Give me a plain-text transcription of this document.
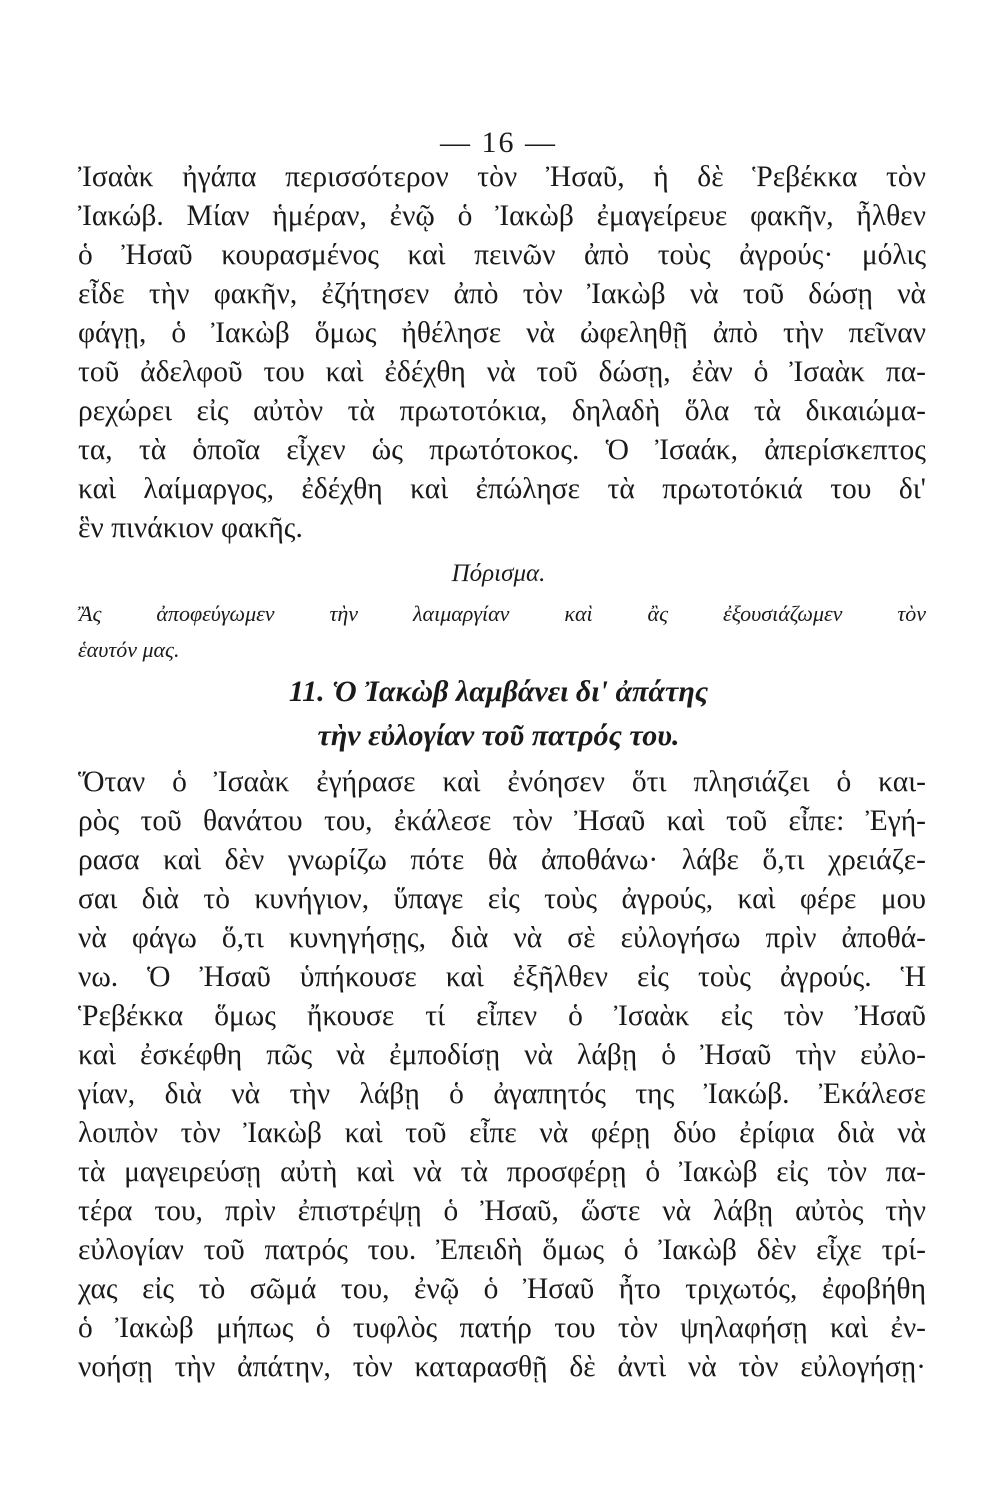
— 16 —
Ἰσαὰκ ἠγάπα περισσότερον τὸν Ἠσαῦ, ἡ δὲ Ῥεβέκκα τὸν
Ἰακώβ. Μίαν ἡμέραν, ἐνῷ ὁ Ἰακὼβ ἐμαγείρευε φακῆν, ἦλθεν
ὁ Ἠσαῦ κουρασμένος καὶ πεινῶν ἀπὸ τοὺς ἀγρούς· μόλις
εἶδε τὴν φακῆν, ἐζήτησεν ἀπὸ τὸν Ἰακὼβ νὰ τοῦ δώσῃ νὰ
φάγῃ, ὁ Ἰακὼβ ὅμως ἠθέλησε νὰ ὠφεληθῇ ἀπὸ τὴν πεῖναν
τοῦ ἀδελφοῦ του καὶ ἐδέχθη νὰ τοῦ δώσῃ, ἐὰν ὁ Ἰσαὰκ πα-
ρεχώρει εἰς αὐτὸν τὰ πρωτοτόκια, δηλαδὴ ὅλα τὰ δικαιώμα-
τα, τὰ ὁποῖα εἶχεν ὡς πρωτότοκος. Ὁ Ἰσαάκ, ἀπερίσκεπτος
καὶ λαίμαργος, ἐδέχθη καὶ ἐπώλησε τὰ πρωτοτόκιά του δι'
ἓν πινάκιον φακῆς.
Πόρισμα.
Ἂς ἀποφεύγωμεν τὴν λαιμαργίαν καὶ ἂς ἐξουσιάζωμεν τὸν
ἑαυτόν μας.
11. Ὁ Ἰακὼβ λαμβάνει δι' ἀπάτης
τὴν εὐλογίαν τοῦ πατρός του.
Ὅταν ὁ Ἰσαὰκ ἐγήρασε καὶ ἐνόησεν ὅτι πλησιάζει ὁ και-
ρὸς τοῦ θανάτου του, ἐκάλεσε τὸν Ἠσαῦ καὶ τοῦ εἶπε: Ἐγή-
ρασα καὶ δὲν γνωρίζω πότε θὰ ἀποθάνω· λάβε ὅ,τι χρειάζε-
σαι διὰ τὸ κυνήγιον, ὕπαγε εἰς τοὺς ἀγρούς, καὶ φέρε μου
νὰ φάγω ὅ,τι κυνηγήσῃς, διὰ νὰ σὲ εὐλογήσω πρὶν ἀποθά-
νω. Ὁ Ἠσαῦ ὑπήκουσε καὶ ἐξῆλθεν εἰς τοὺς ἀγρούς. Ἡ
Ῥεβέκκα ὅμως ἤκουσε τί εἶπεν ὁ Ἰσαὰκ εἰς τὸν Ἠσαῦ
καὶ ἐσκέφθη πῶς νὰ ἐμποδίσῃ νὰ λάβῃ ὁ Ἠσαῦ τὴν εὐλο-
γίαν, διὰ νὰ τὴν λάβῃ ὁ ἀγαπητός της Ἰακώβ. Ἐκάλεσε
λοιπὸν τὸν Ἰακὼβ καὶ τοῦ εἶπε νὰ φέρῃ δύο ἐρίφια διὰ νὰ
τὰ μαγειρεύσῃ αὐτὴ καὶ νὰ τὰ προσφέρῃ ὁ Ἰακὼβ εἰς τὸν πα-
τέρα του, πρὶν ἐπιστρέψῃ ὁ Ἠσαῦ, ὥστε νὰ λάβῃ αὐτὸς τὴν
εὐλογίαν τοῦ πατρός του. Ἐπειδὴ ὅμως ὁ Ἰακὼβ δὲν εἶχε τρί-
χας εἰς τὸ σῶμά του, ἐνῷ ὁ Ἠσαῦ ἦτο τριχωτός, ἐφοβήθη
ὁ Ἰακὼβ μήπως ὁ τυφλὸς πατήρ του τὸν ψηλαφήσῃ καὶ ἐν-
νοήσῃ τὴν ἀπάτην, τὸν καταρασθῇ δὲ ἀντὶ νὰ τὸν εὐλογήσῃ·
